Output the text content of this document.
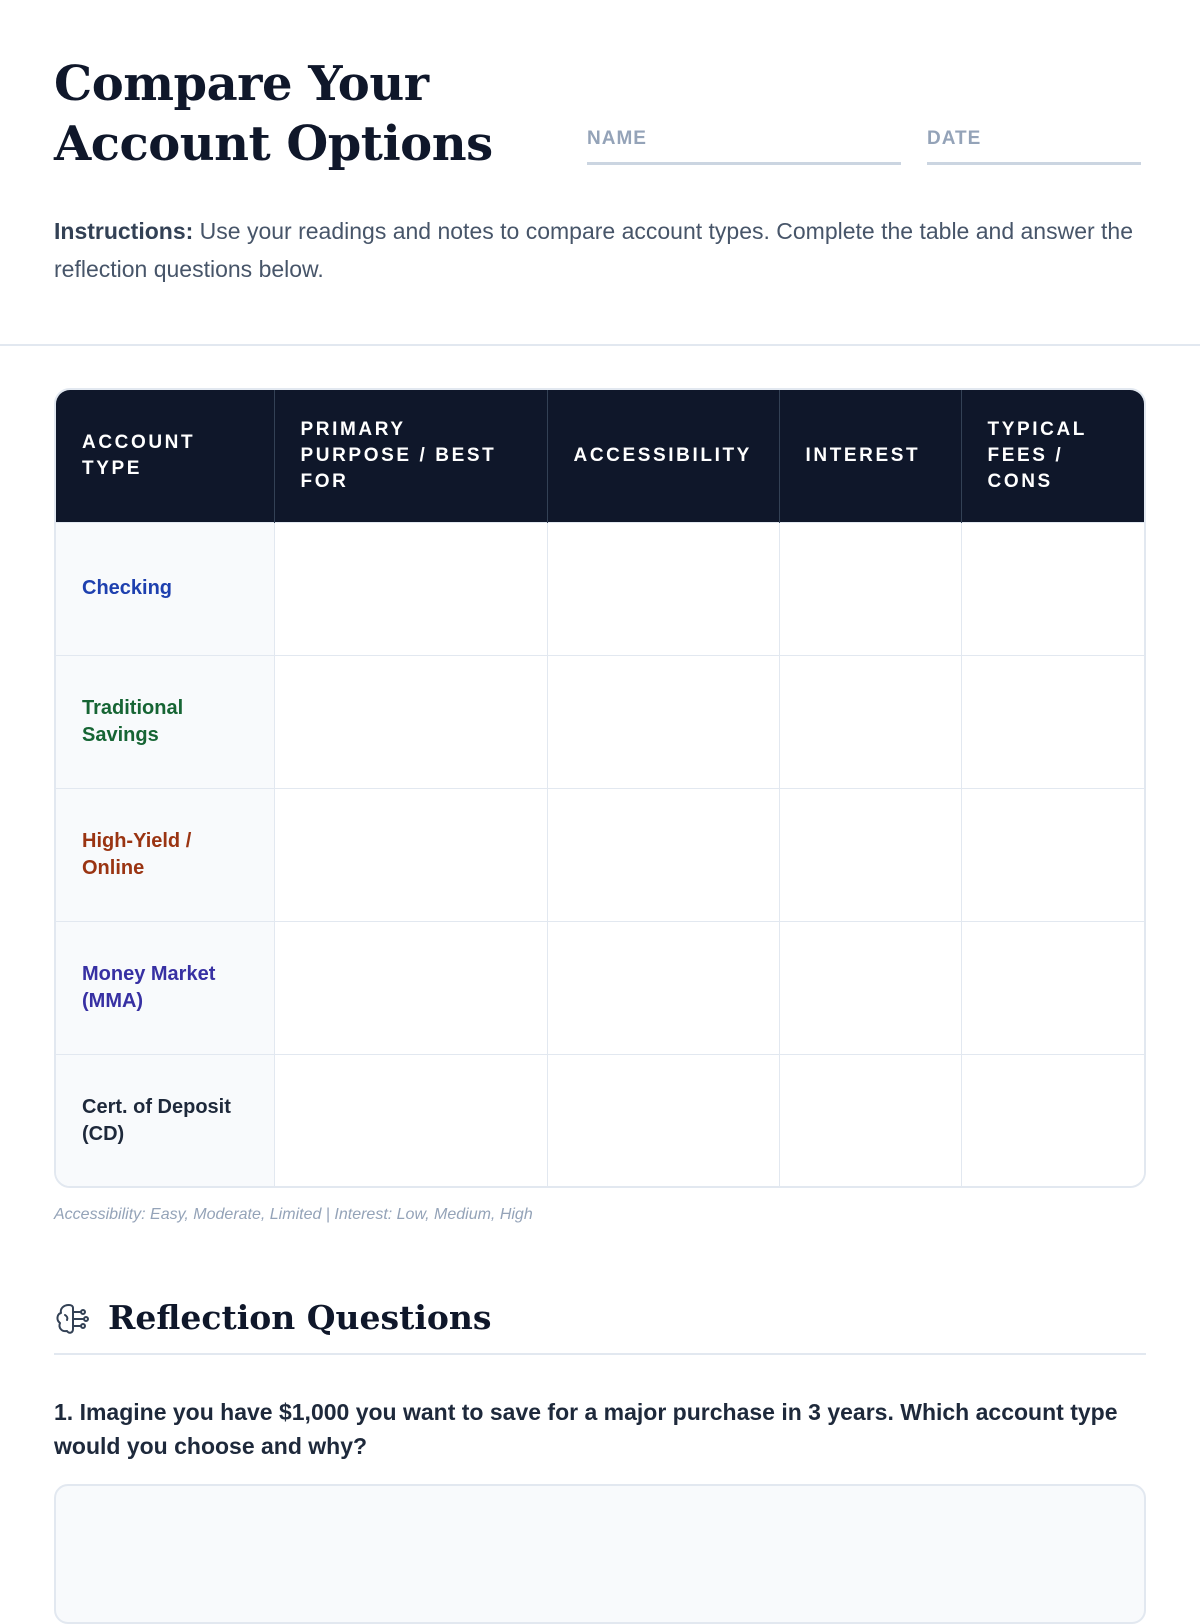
Compare Your
Account Options	NAME	DATE
Instructions: Use your readings and notes to compare account types. Complete the table and answer the reflection questions below.
ACCOUNT TYPE	PRIMARY PURPOSE / BEST FOR	ACCESSIBILITY	INTEREST	TYPICAL FEES / CONS
Checking				
Traditional Savings				
High-Yield / Online				
Money Market (MMA)				
Cert. of Deposit (CD)				
Accessibility: Easy, Moderate, Limited | Interest: Low, Medium, High
Reflection Questions
1. Imagine you have $1,000 you want to save for a major purchase in 3 years. Which account type would you choose and why?
